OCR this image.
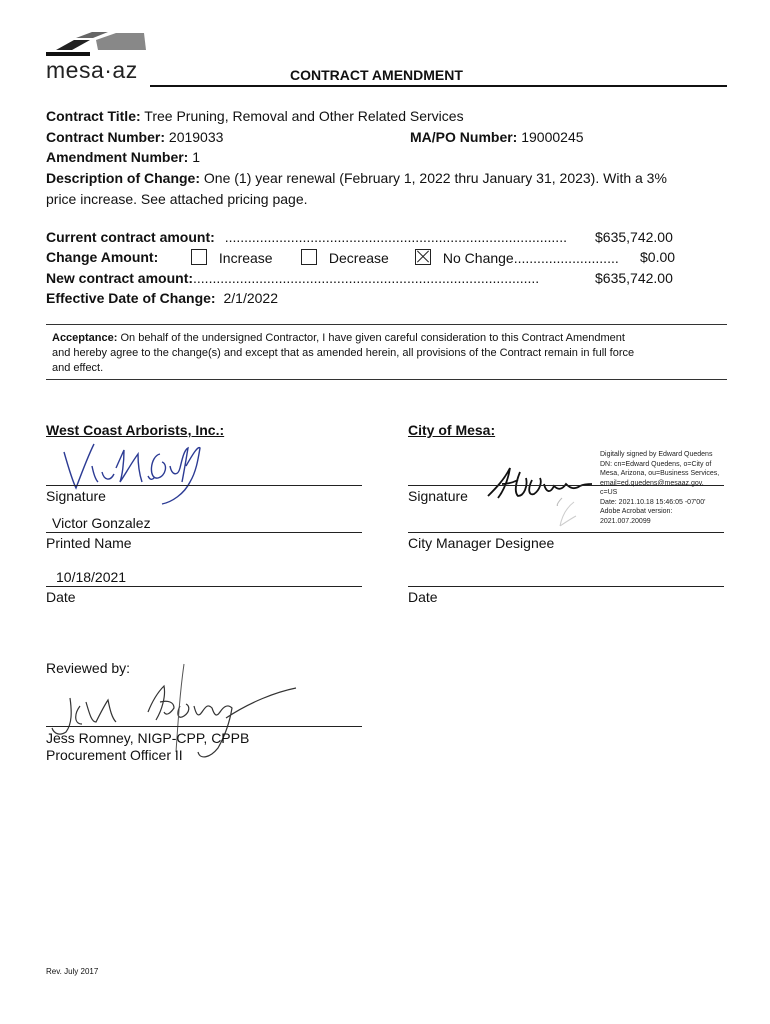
mesa·az	CONTRACT AMENDMENT
Contract Title: Tree Pruning, Removal and Other Related Services
Contract Number: 2019033	MA/PO Number: 19000245
Amendment Number: 1
Description of Change: One (1) year renewal (February 1, 2022 thru January 31, 2023). With a 3%
price increase. See attached pricing page.
Current contract amount: ........................................................................................ $635,742.00
Change Amount:	Increase	Decrease	No Change........................... $0.00
New contract amount:.........................................................................................	$635,742.00
Effective Date of Change: 2/1/2022
Acceptance: On behalf of the undersigned Contractor, I have given careful consideration to this Contract Amendment
and hereby agree to the change(s) and except that as amended herein, all provisions of the Contract remain in full force
and effect.
West Coast Arborists, Inc.:
Signature
Victor Gonzalez
Printed Name
10/18/2021
Date
City of Mesa:
Signature
Digitally signed by Edward Quedens
DN: cn=Edward Quedens, o=City of
Mesa, Arizona, ou=Business Services,
email=ed.quedens@mesaaz.gov,
c=US
Date: 2021.10.18 15:46:05 -07'00'
Adobe Acrobat version:
2021.007.20099
City Manager Designee
Date
Reviewed by:
Jess Romney, NIGP-CPP, CPPB
Procurement Officer II
Rev. July 2017
